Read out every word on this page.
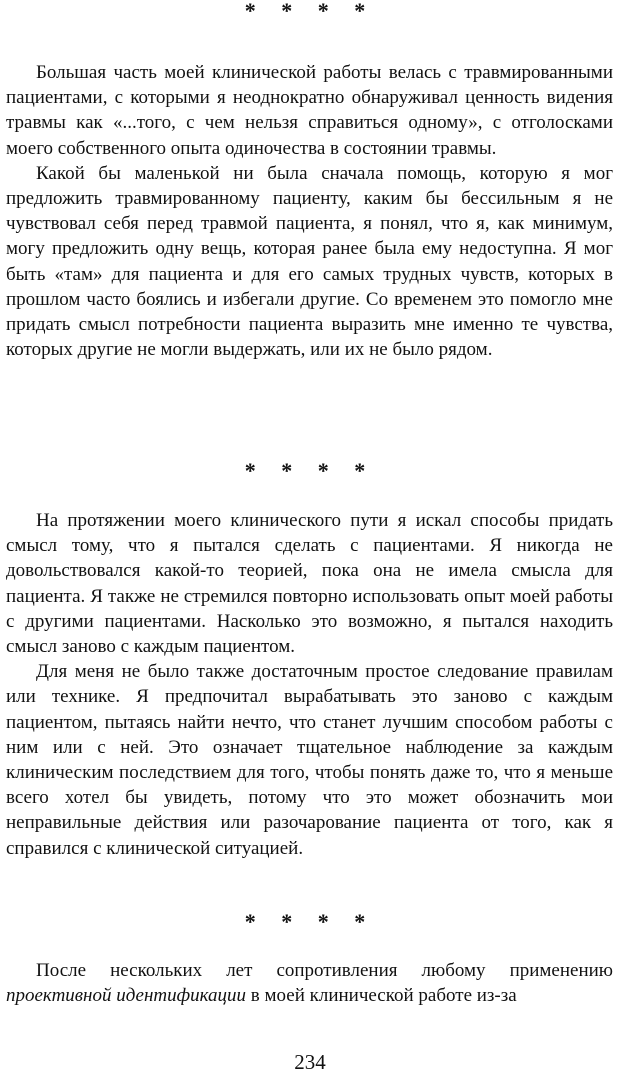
* * * *

Большая часть моей клинической работы велась с травмированными пациентами, с которыми я неоднократно обнаруживал ценность видения травмы как «...того, с чем нельзя справиться одному», с отголосками моего собственного опыта одиночества в состоянии травмы.

Какой бы маленькой ни была сначала помощь, которую я мог предложить травмированному пациенту, каким бы бессильным я не чувствовал себя перед травмой пациента, я понял, что я, как минимум, могу предложить одну вещь, которая ранее была ему недоступна. Я мог быть «там» для пациента и для его самых трудных чувств, которых в прошлом часто боялись и избегали другие. Со временем это помогло мне придать смысл потребности пациента выразить мне именно те чувства, которых другие не могли выдержать, или их не было рядом.

* * * *

На протяжении моего клинического пути я искал способы придать смысл тому, что я пытался сделать с пациентами. Я никогда не довольствовался какой-то теорией, пока она не имела смысла для пациента. Я также не стремился повторно использовать опыт моей работы с другими пациентами. Насколько это возможно, я пытался находить смысл заново с каждым пациентом.

Для меня не было также достаточным простое следование правилам или технике. Я предпочитал вырабатывать это заново с каждым пациентом, пытаясь найти нечто, что станет лучшим способом работы с ним или с ней. Это означает тщательное наблюдение за каждым клиническим последствием для того, чтобы понять даже то, что я меньше всего хотел бы увидеть, потому что это может обозначить мои неправильные действия или разочарование пациента от того, как я справился с клинической ситуацией.

* * * *

После нескольких лет сопротивления любому применению проективной идентификации в моей клинической работе из-за

234
